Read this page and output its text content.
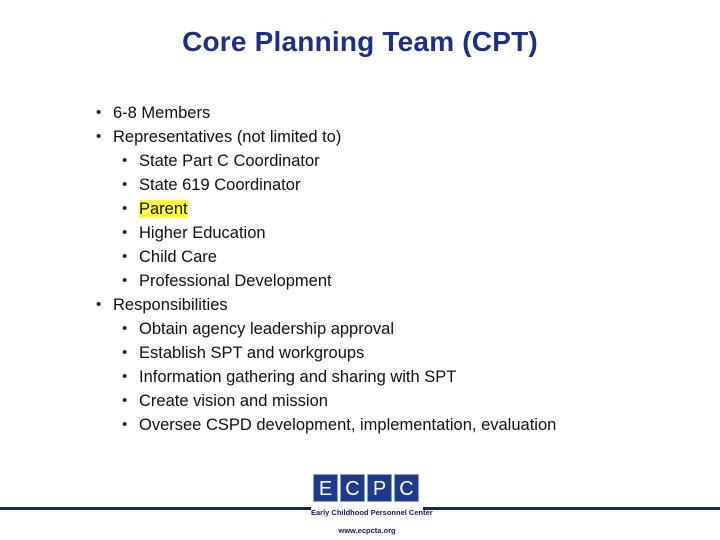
Core Planning Team (CPT)
• 6-8 Members
• Representatives (not limited to)
• State Part C Coordinator
• State 619 Coordinator
• Parent
• Higher Education
• Child Care
• Professional Development
• Responsibilities
• Obtain agency leadership approval
• Establish SPT and workgroups
• Information gathering and sharing with SPT
• Create vision and mission
• Oversee CSPD development, implementation, evaluation
E C P C
Early Childhood Personnel Center
www.ecpcta.org
